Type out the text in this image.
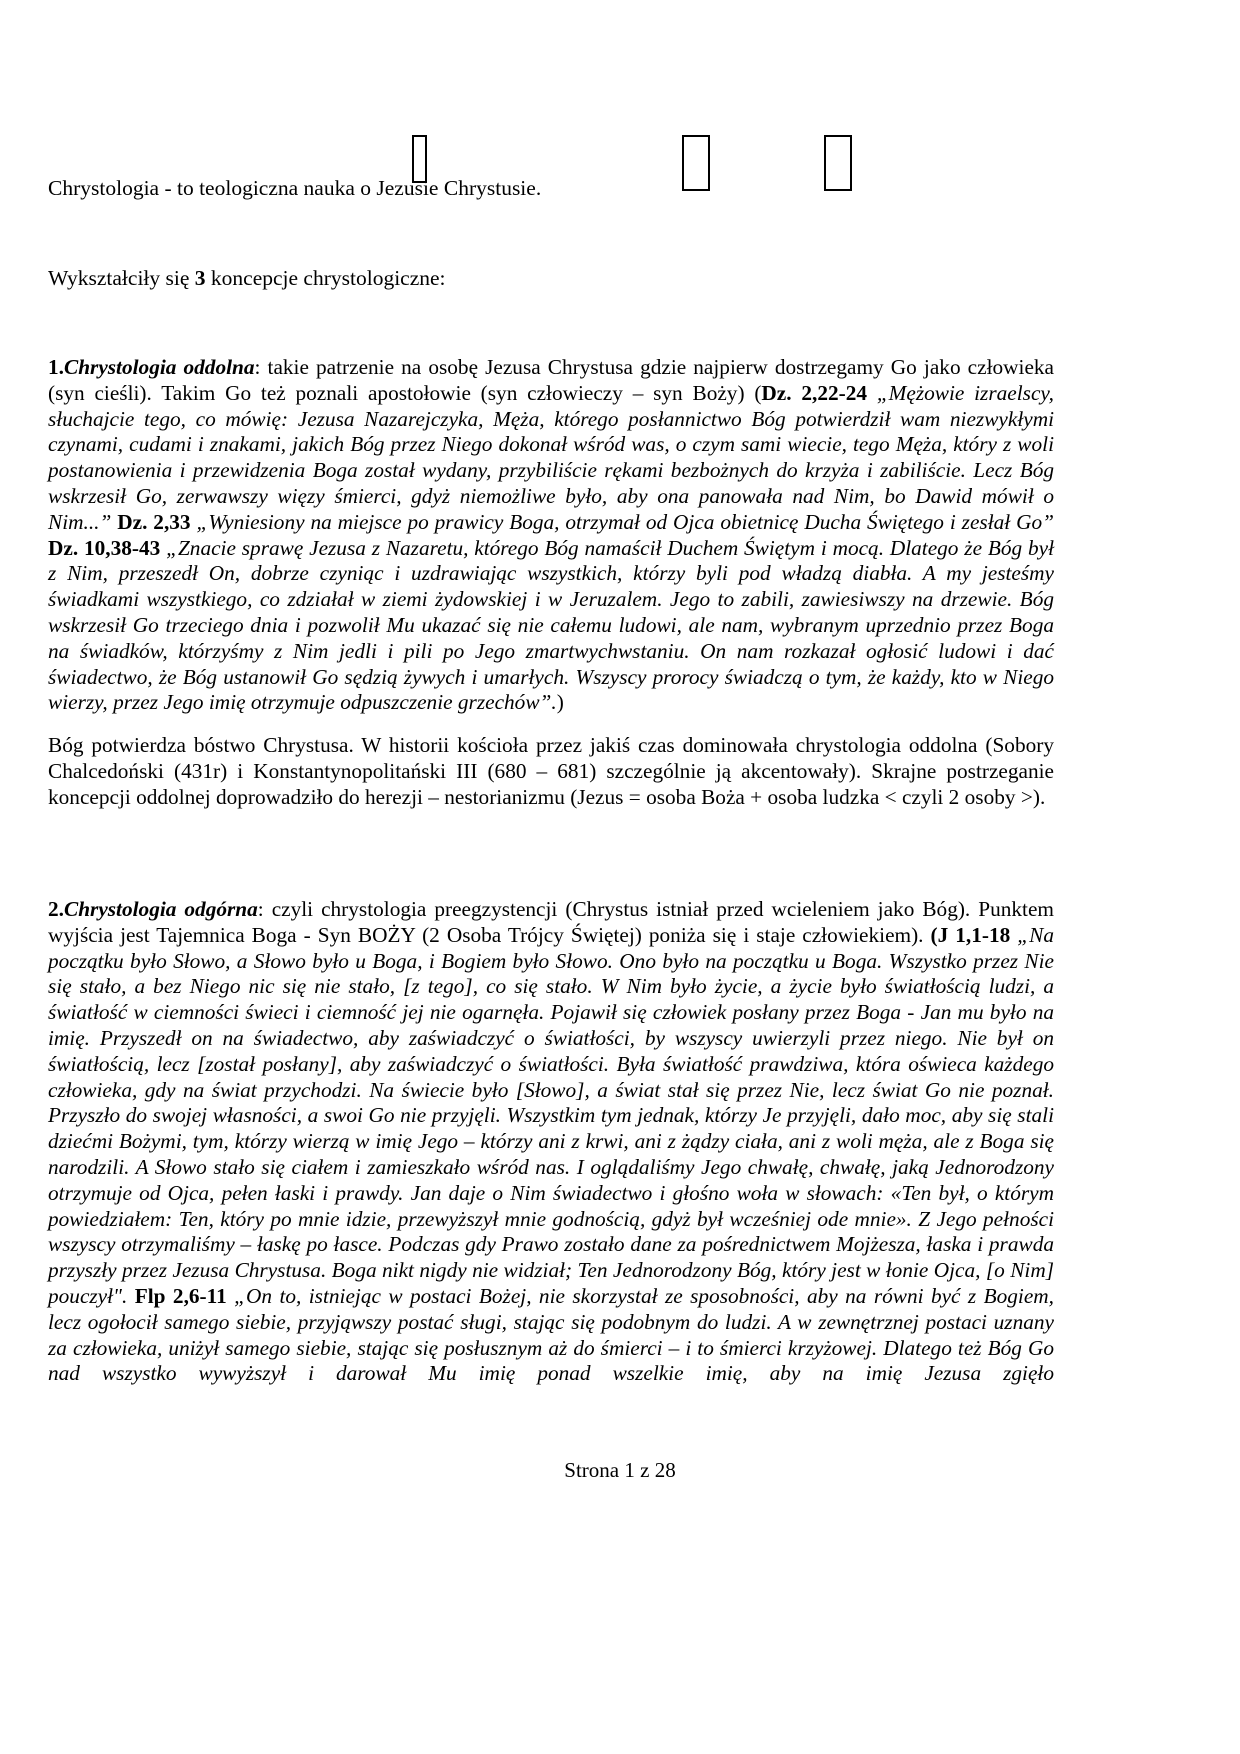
Chrystologia - to teologiczna nauka o Jezusie Chrystusie.
Wykształciły się 3 koncepcje chrystologiczne:
1.Chrystologia oddolna: takie patrzenie na osobę Jezusa Chrystusa gdzie najpierw dostrzegamy Go jako człowieka (syn cieśli). Takim Go też poznali apostołowie (syn człowieczy – syn Boży) (Dz. 2,22-24 „Mężowie izraelscy, słuchajcie tego, co mówię: Jezusa Nazarejczyka, Męża, którego posłannictwo Bóg potwierdził wam niezwykłymi czynami, cudami i znakami, jakich Bóg przez Niego dokonał wśród was, o czym sami wiecie, tego Męża, który z woli postanowienia i przewidzenia Boga został wydany, przybiliście rękami bezbożnych do krzyża i zabiliście. Lecz Bóg wskrzesił Go, zerwawszy więzy śmierci, gdyż niemożliwe było, aby ona panowała nad Nim, bo Dawid mówił o Nim...” Dz. 2,33 „Wyniesiony na miejsce po prawicy Boga, otrzymał od Ojca obietnicę Ducha Świętego i zesłał Go” Dz. 10,38-43 „Znacie sprawę Jezusa z Nazaretu, którego Bóg namaścił Duchem Świętym i mocą. Dlatego że Bóg był z Nim, przeszedł On, dobrze czyniąc i uzdrawiając wszystkich, którzy byli pod władzą diabła. A my jesteśmy świadkami wszystkiego, co zdziałał w ziemi żydowskiej i w Jeruzalem. Jego to zabili, zawiesiwszy na drzewie. Bóg wskrzesił Go trzeciego dnia i pozwolił Mu ukazać się nie całemu ludowi, ale nam, wybranym uprzednio przez Boga na świadków, którzyśmy z Nim jedli i pili po Jego zmartwychwstaniu. On nam rozkazał ogłosić ludowi i dać świadectwo, że Bóg ustanowił Go sędzią żywych i umarłych. Wszyscy prorocy świadczą o tym, że każdy, kto w Niego wierzy, przez Jego imię otrzymuje odpuszczenie grzechów”.)
Bóg potwierdza bóstwo Chrystusa. W historii kościoła przez jakiś czas dominowała chrystologia oddolna (Sobory Chalcedoński (431r) i Konstantynopolitański III (680 – 681) szczególnie ją akcentowały). Skrajne postrzeganie koncepcji oddolnej doprowadziło do herezji – nestorianizmu (Jezus = osoba Boża + osoba ludzka < czyli 2 osoby >).
2.Chrystologia odgórna: czyli chrystologia preegzystencji (Chrystus istniał przed wcieleniem jako Bóg). Punktem wyjścia jest Tajemnica Boga - Syn BOŻY (2 Osoba Trójcy Świętej) poniża się i staje człowiekiem). (J 1,1-18 „Na początku było Słowo, a Słowo było u Boga, i Bogiem było Słowo. Ono było na początku u Boga. Wszystko przez Nie się stało, a bez Niego nic się nie stało, [z tego], co się stało. W Nim było życie, a życie było światłością ludzi, a światłość w ciemności świeci i ciemność jej nie ogarnęła. Pojawił się człowiek posłany przez Boga - Jan mu było na imię. Przyszedł on na świadectwo, aby zaświadczyć o światłości, by wszyscy uwierzyli przez niego. Nie był on światłością, lecz [został posłany], aby zaświadczyć o światłości. Była światłość prawdziwa, która oświeca każdego człowieka, gdy na świat przychodzi. Na świecie było [Słowo], a świat stał się przez Nie, lecz świat Go nie poznał. Przyszło do swojej własności, a swoi Go nie przyjęli. Wszystkim tym jednak, którzy Je przyjęli, dało moc, aby się stali dziećmi Bożymi, tym, którzy wierzą w imię Jego – którzy ani z krwi, ani z żądzy ciała, ani z woli męża, ale z Boga się narodzili. A Słowo stało się ciałem i zamieszkało wśród nas. I oglądaliśmy Jego chwałę, chwałę, jaką Jednorodzony otrzymuje od Ojca, pełen łaski i prawdy. Jan daje o Nim świadectwo i głośno woła w słowach: «Ten był, o którym powiedziałem: Ten, który po mnie idzie, przewyższył mnie godnością, gdyż był wcześniej ode mnie». Z Jego pełności wszyscy otrzymaliśmy – łaskę po łasce. Podczas gdy Prawo zostało dane za pośrednictwem Mojżesza, łaska i prawda przyszły przez Jezusa Chrystusa. Boga nikt nigdy nie widział; Ten Jednorodzony Bóg, który jest w łonie Ojca, [o Nim] pouczył". Flp 2,6-11 „On to, istniejąc w postaci Bożej, nie skorzystał ze sposobności, aby na równi być z Bogiem, lecz ogołocił samego siebie, przyjąwszy postać sługi, stając się podobnym do ludzi. A w zewnętrznej postaci uznany za człowieka, uniżył samego siebie, stając się posłusznym aż do śmierci – i to śmierci krzyżowej. Dlatego też Bóg Go nad wszystko wywyższył i darował Mu imię ponad wszelkie imię, aby na imię Jezusa zgięło
Strona 1 z 28
